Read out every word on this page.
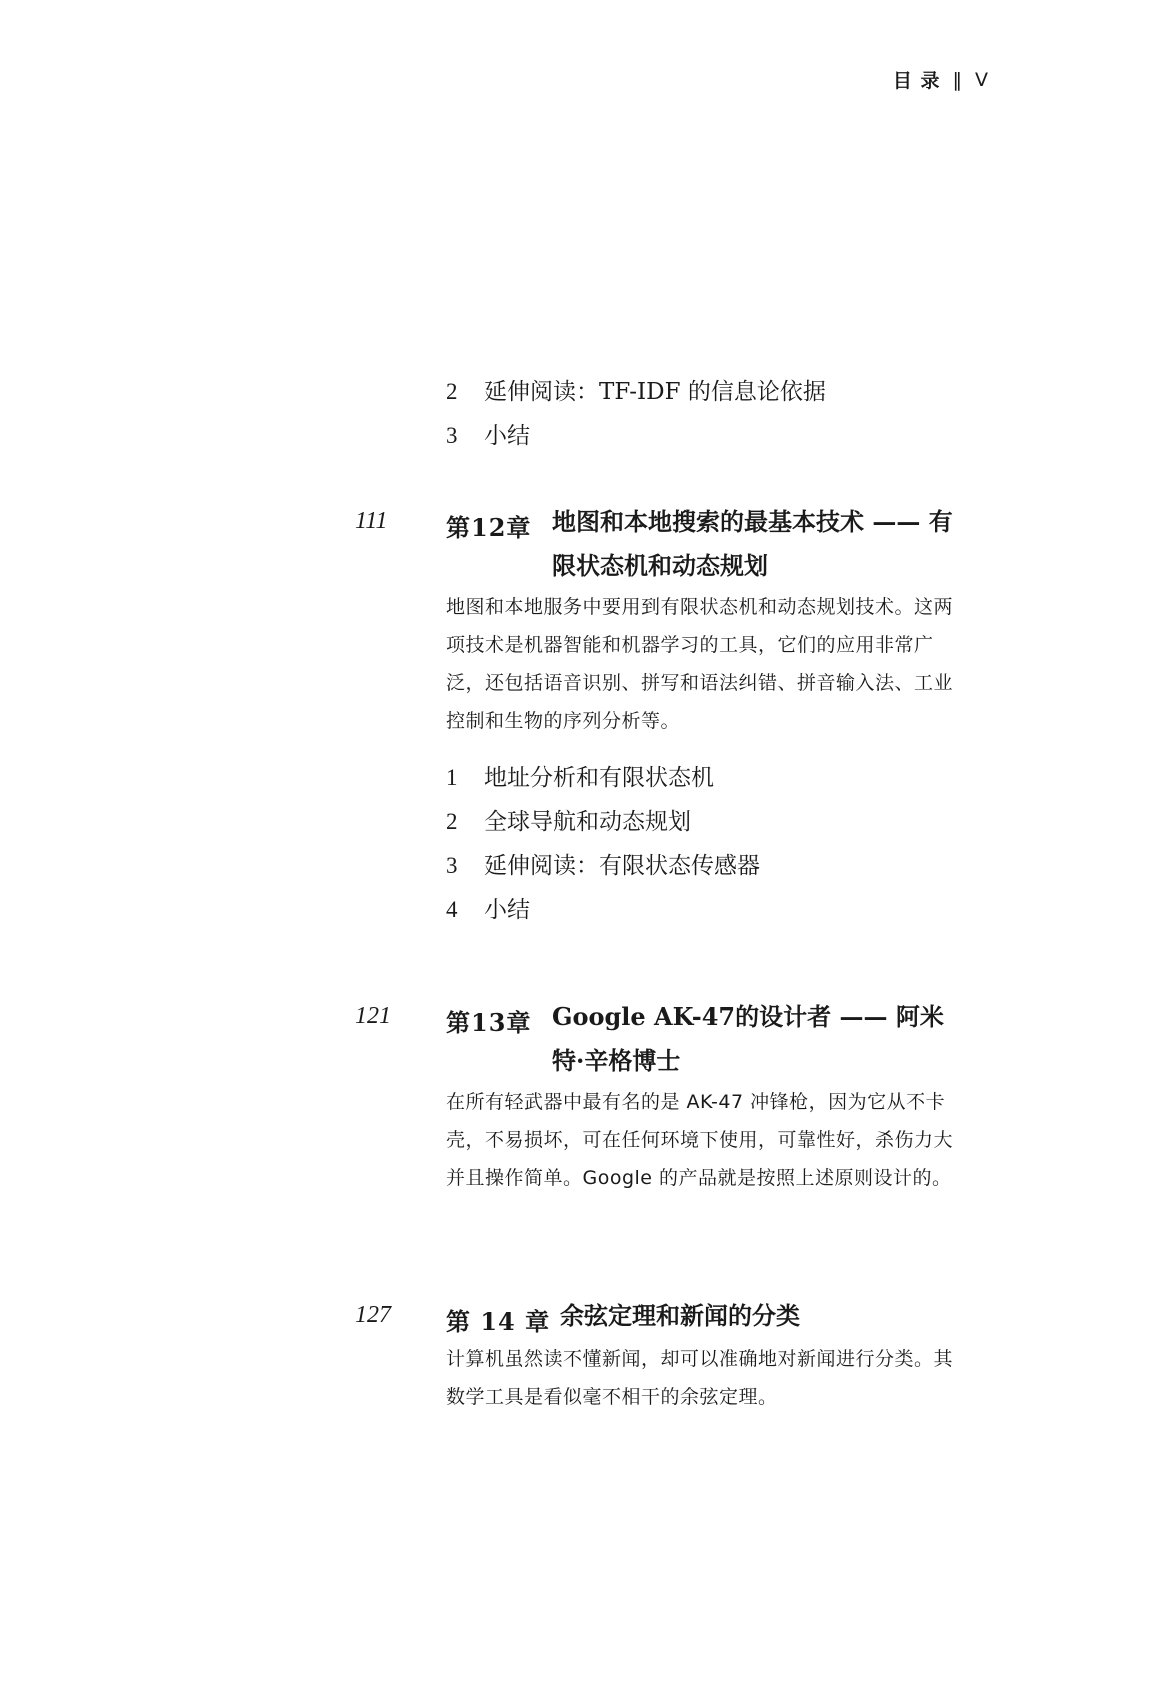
目 录 ‖ V
2	延伸阅读：TF-IDF 的信息论依据
3	小结
111 第12章 地图和本地搜索的最基本技术 —— 有限状态机和动态规划
地图和本地服务中要用到有限状态机和动态规划技术。这两项技术是机器智能和机器学习的工具，它们的应用非常广泛，还包括语音识别、拼写和语法纠错、拼音输入法、工业控制和生物的序列分析等。
1	地址分析和有限状态机
2	全球导航和动态规划
3	延伸阅读：有限状态传感器
4	小结
121 第13章 Google AK-47的设计者 —— 阿米特·辛格博士
在所有轻武器中最有名的是 AK-47 冲锋枪，因为它从不卡壳，不易损坏，可在任何环境下使用，可靠性好，杀伤力大并且操作简单。Google 的产品就是按照上述原则设计的。
127 第 14 章 余弦定理和新闻的分类
计算机虽然读不懂新闻，却可以准确地对新闻进行分类。其数学工具是看似毫不相干的余弦定理。
